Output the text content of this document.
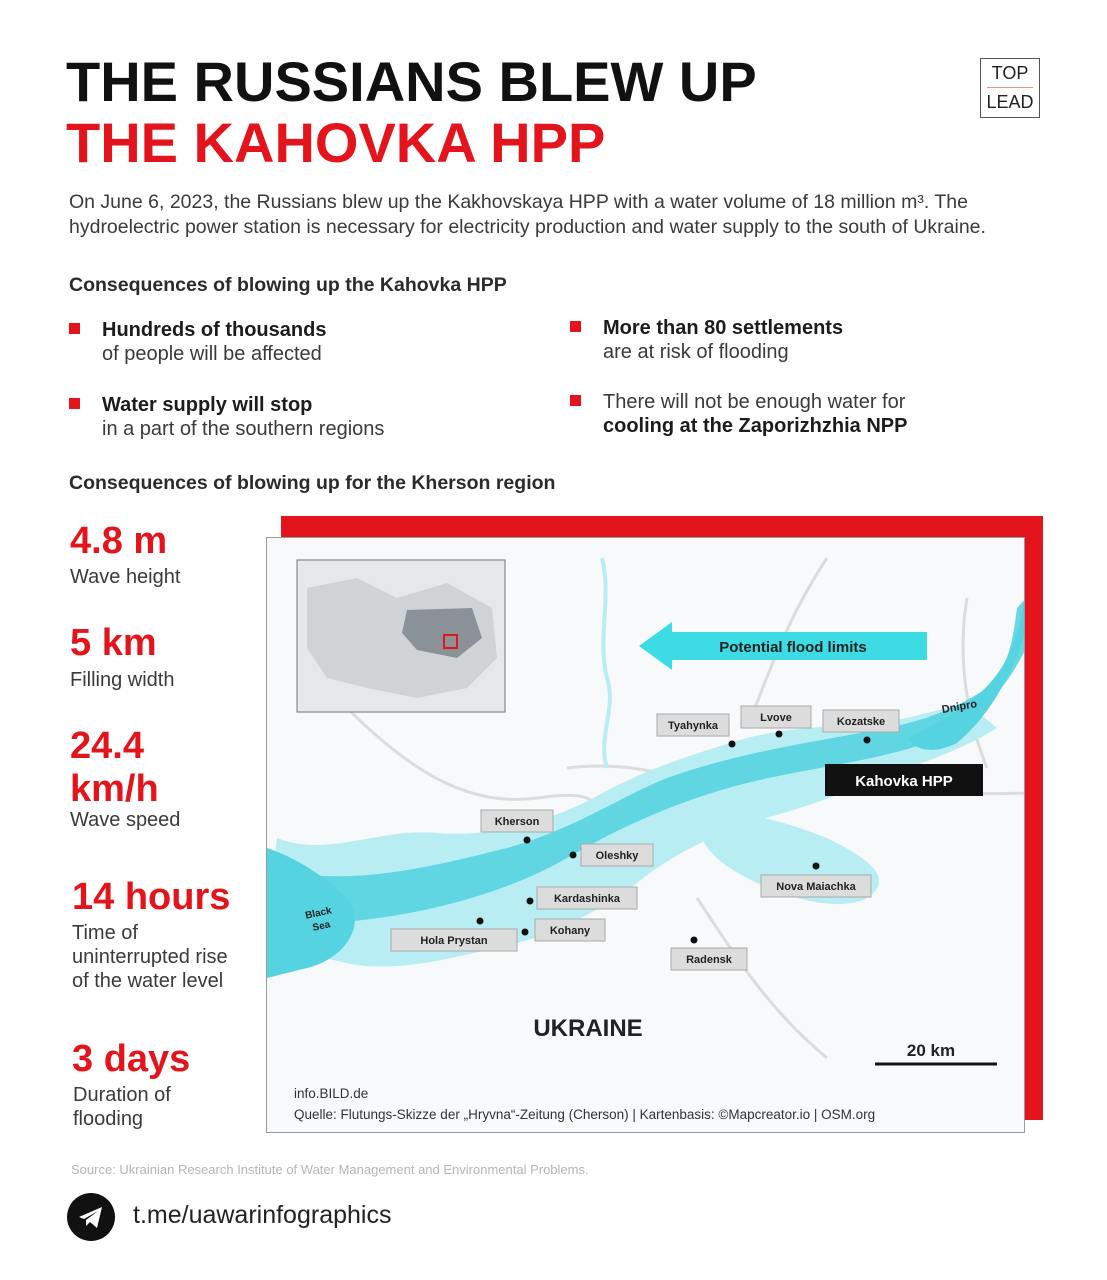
THE RUSSIANS BLEW UP
THE KAHOVKA HPP
TOP
LEAD
On June 6, 2023, the Russians blew up the Kakhovskaya HPP with a water volume of 18 million m³. The hydroelectric power station is necessary for electricity production and water supply to the south of Ukraine.
Consequences of blowing up the Kahovka HPP
Hundreds of thousands
of people will be affected
More than 80 settlements
are at risk of flooding
Water supply will stop
in a part of the southern regions
There will not be enough water for
cooling at the Zaporizhzhia NPP
Consequences of blowing up for the Kherson region
4.8 m
Wave height
5 km
Filling width
24.4
km/h
Wave speed
14 hours
Time of
uninterrupted rise
of the water level
3 days
Duration of
flooding
Potential flood limits
Dnipro
Black
Sea
Tyahynka
Lvove	Kozatske
Kherson
Oleshky
Kardashinka
Kohany
Hola Prystan
Nova Maiachka
Radensk
Kahovka HPP
UKRAINE
20 km
info.BILD.de
Quelle: Flutungs-Skizze der „Hryvna“-Zeitung (Cherson) | Kartenbasis: ©Mapcreator.io | OSM.org
Source: Ukrainian Research Institute of Water Management and Environmental Problems.
t.me/uawarinfographics
